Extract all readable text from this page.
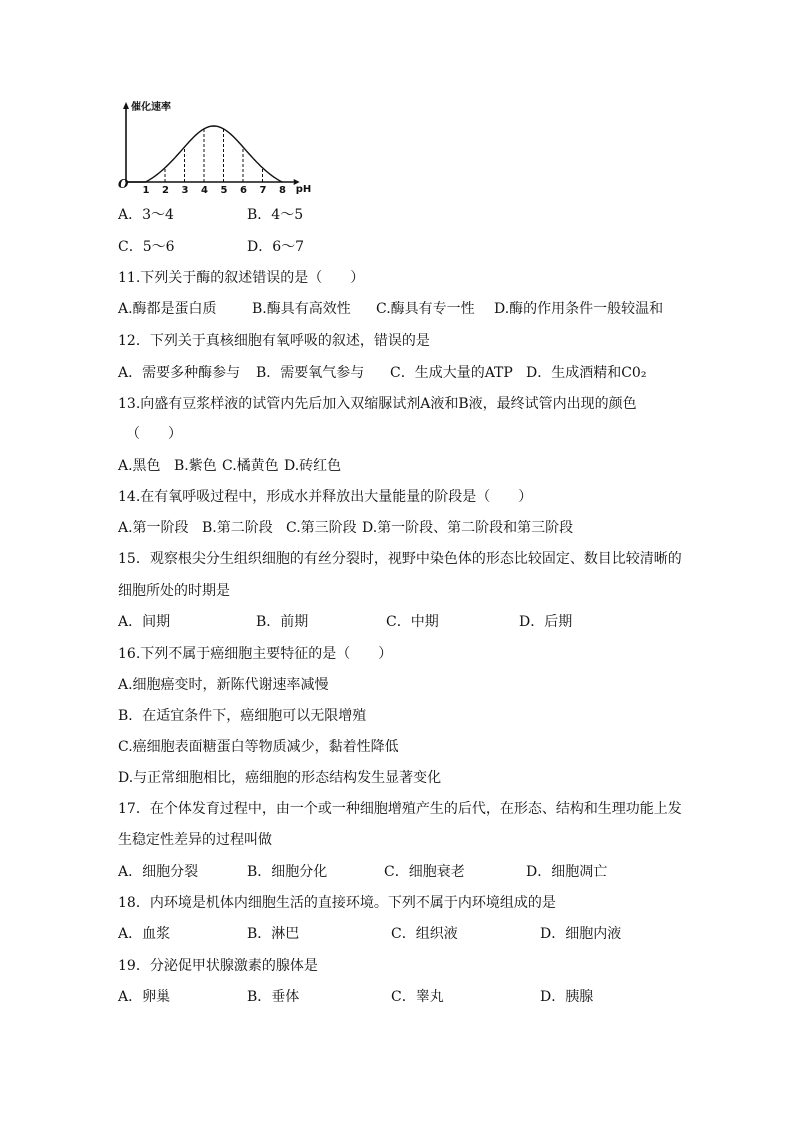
催化速率
pH
O 1 2 3 4 5 6 7 8
A．3～4	B．4～5
C．5～6	D．6～7
11.下列关于酶的叙述错误的是（　　）
A.酶都是蛋白质	B.酶具有高效性 C.酶具有专一性 D.酶的作用条件一般较温和
12．下列关于真核细胞有氧呼吸的叙述，错误的是
A．需要多种酶参与 B．需要氧气参与 C．生成大量的ATP D．生成酒精和C0₂
13.向盛有豆浆样液的试管内先后加入双缩脲试剂A液和B液，最终试管内出现的颜色
（　　）
A.黑色 B.紫色 C.橘黄色 D.砖红色
14.在有氧呼吸过程中，形成水并释放出大量能量的阶段是（　　）
A.第一阶段 B.第二阶段 C.第三阶段 D.第一阶段、第二阶段和第三阶段
15．观察根尖分生组织细胞的有丝分裂时，视野中染色体的形态比较固定、数目比较清晰的
细胞所处的时期是
A．间期	B．前期	C．中期	D．后期
16.下列不属于癌细胞主要特征的是（　　）
A.细胞癌变时，新陈代谢速率减慢
B．在适宜条件下，癌细胞可以无限增殖
C.癌细胞表面糖蛋白等物质减少，黏着性降低
D.与正常细胞相比，癌细胞的形态结构发生显著变化
17．在个体发育过程中，由一个或一种细胞增殖产生的后代，在形态、结构和生理功能上发
生稳定性差异的过程叫做
A．细胞分裂	B．细胞分化	C．细胞衰老	D．细胞凋亡
18．内环境是机体内细胞生活的直接环境。下列不属于内环境组成的是
A．血浆	B．淋巴	C．组织液	D．细胞内液
19．分泌促甲状腺激素的腺体是
A．卵巢	B．垂体	C．睾丸	D．胰腺
